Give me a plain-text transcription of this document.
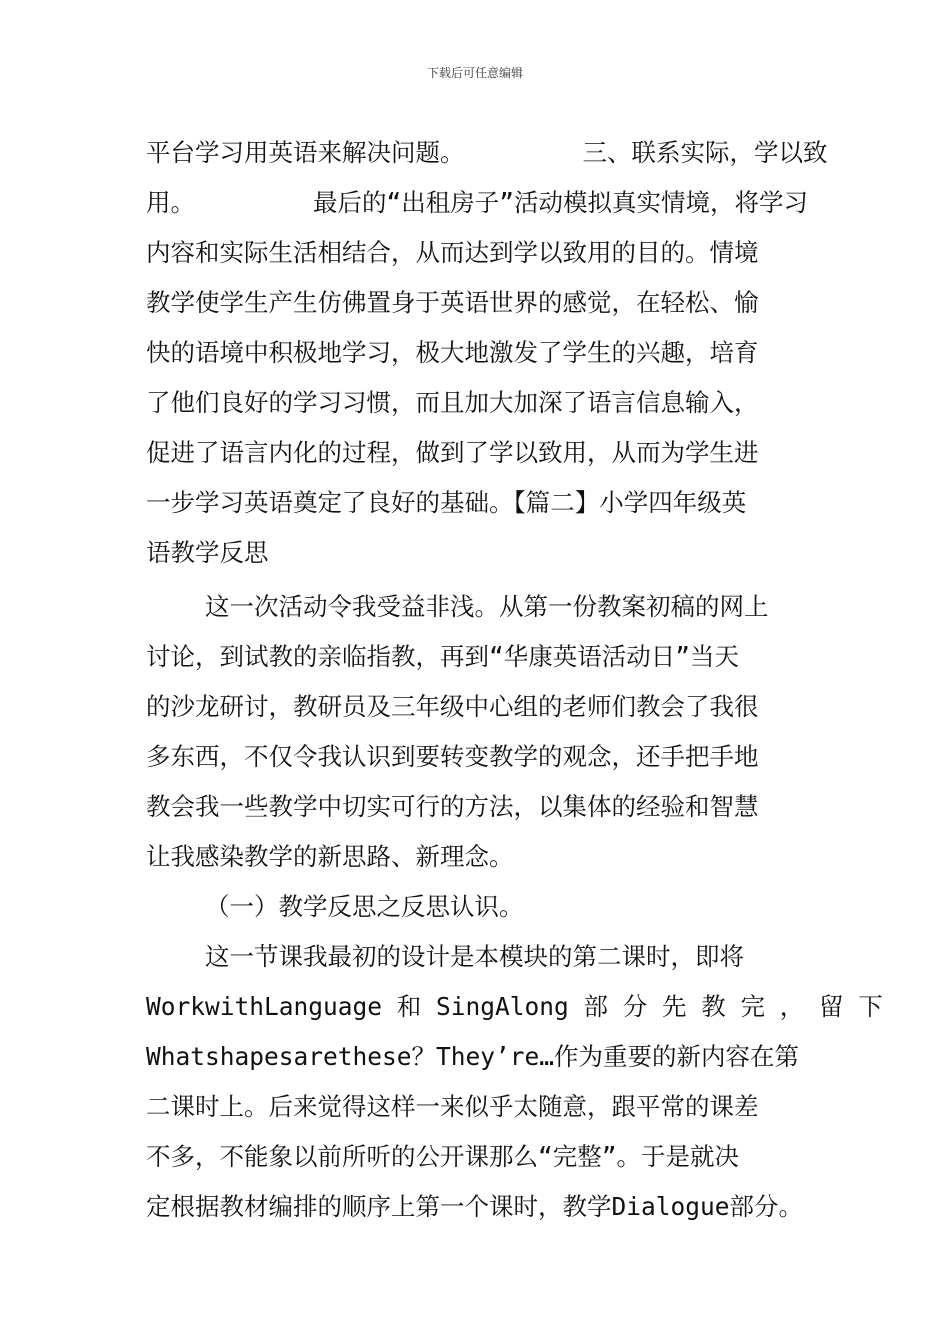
下载后可任意编辑
平台学习用英语来解决问题。        三、联系实际，学以致
用。        最后的“出租房子”活动模拟真实情境，将学习
内容和实际生活相结合，从而达到学以致用的目的。情境
教学使学生产生仿佛置身于英语世界的感觉，在轻松、愉
快的语境中积极地学习，极大地激发了学生的兴趣，培育
了他们良好的学习习惯，而且加大加深了语言信息输入，
促进了语言内化的过程，做到了学以致用，从而为学生进
一步学习英语奠定了良好的基础。【篇二】小学四年级英
语教学反思
这一次活动令我受益非浅。从第一份教案初稿的网上
讨论，到试教的亲临指教，再到“华康英语活动日”当天
的沙龙研讨，教研员及三年级中心组的老师们教会了我很
多东西，不仅令我认识到要转变教学的观念，还手把手地
教会我一些教学中切实可行的方法，以集体的经验和智慧
让我感染教学的新思路、新理念。
（一）教学反思之反思认识。
这一节课我最初的设计是本模块的第二课时，即将
WorkwithLanguage 和 SingAlong 部 分 先 教 完 ， 留 下
Whatshapesarethese？They’re…作为重要的新内容在第
二课时上。后来觉得这样一来似乎太随意，跟平常的课差
不多，不能象以前所听的公开课那么“完整”。于是就决
定根据教材编排的顺序上第一个课时，教学Dialogue部分。
